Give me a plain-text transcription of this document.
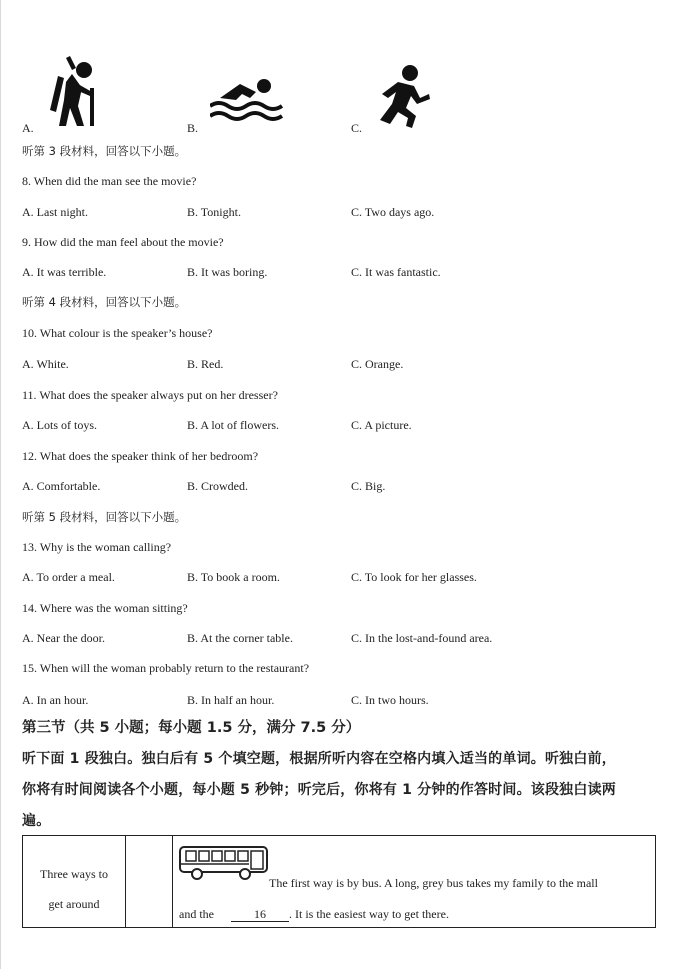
A.	B.	C.
听第 3 段材料，回答以下小题。
8. When did the man see the movie?
A. Last night.	B. Tonight.	C. Two days ago.
9. How did the man feel about the movie?
A. It was terrible.	B. It was boring.	C. It was fantastic.
听第 4 段材料，回答以下小题。
10. What colour is the speaker’s house?
A. White.	B. Red.	C. Orange.
11. What does the speaker always put on her dresser?
A. Lots of toys.	B. A lot of flowers.	C. A picture.
12. What does the speaker think of her bedroom?
A. Comfortable.	B. Crowded.	C. Big.
听第 5 段材料，回答以下小题。
13. Why is the woman calling?
A. To order a meal.	B. To book a room.	C. To look for her glasses.
14. Where was the woman sitting?
A. Near the door.	B. At the corner table.	C. In the lost-and-found area.
15. When will the woman probably return to the restaurant?
A. In an hour.	B. In half an hour.	C. In two hours.
第三节（共 5 小题；每小题 1.5 分，满分 7.5 分）
听下面 1 段独白。独白后有 5 个填空题，根据所听内容在空格内填入适当的单词。听独白前，
你将有时间阅读各个小题，每小题 5 秒钟；听完后，你将有 1 分钟的作答时间。该段独白读两
遍。
Three ways to
get around

The first way is by bus. A long, grey bus takes my family to the mall
and the	16 . It is the easiest way to get there.
